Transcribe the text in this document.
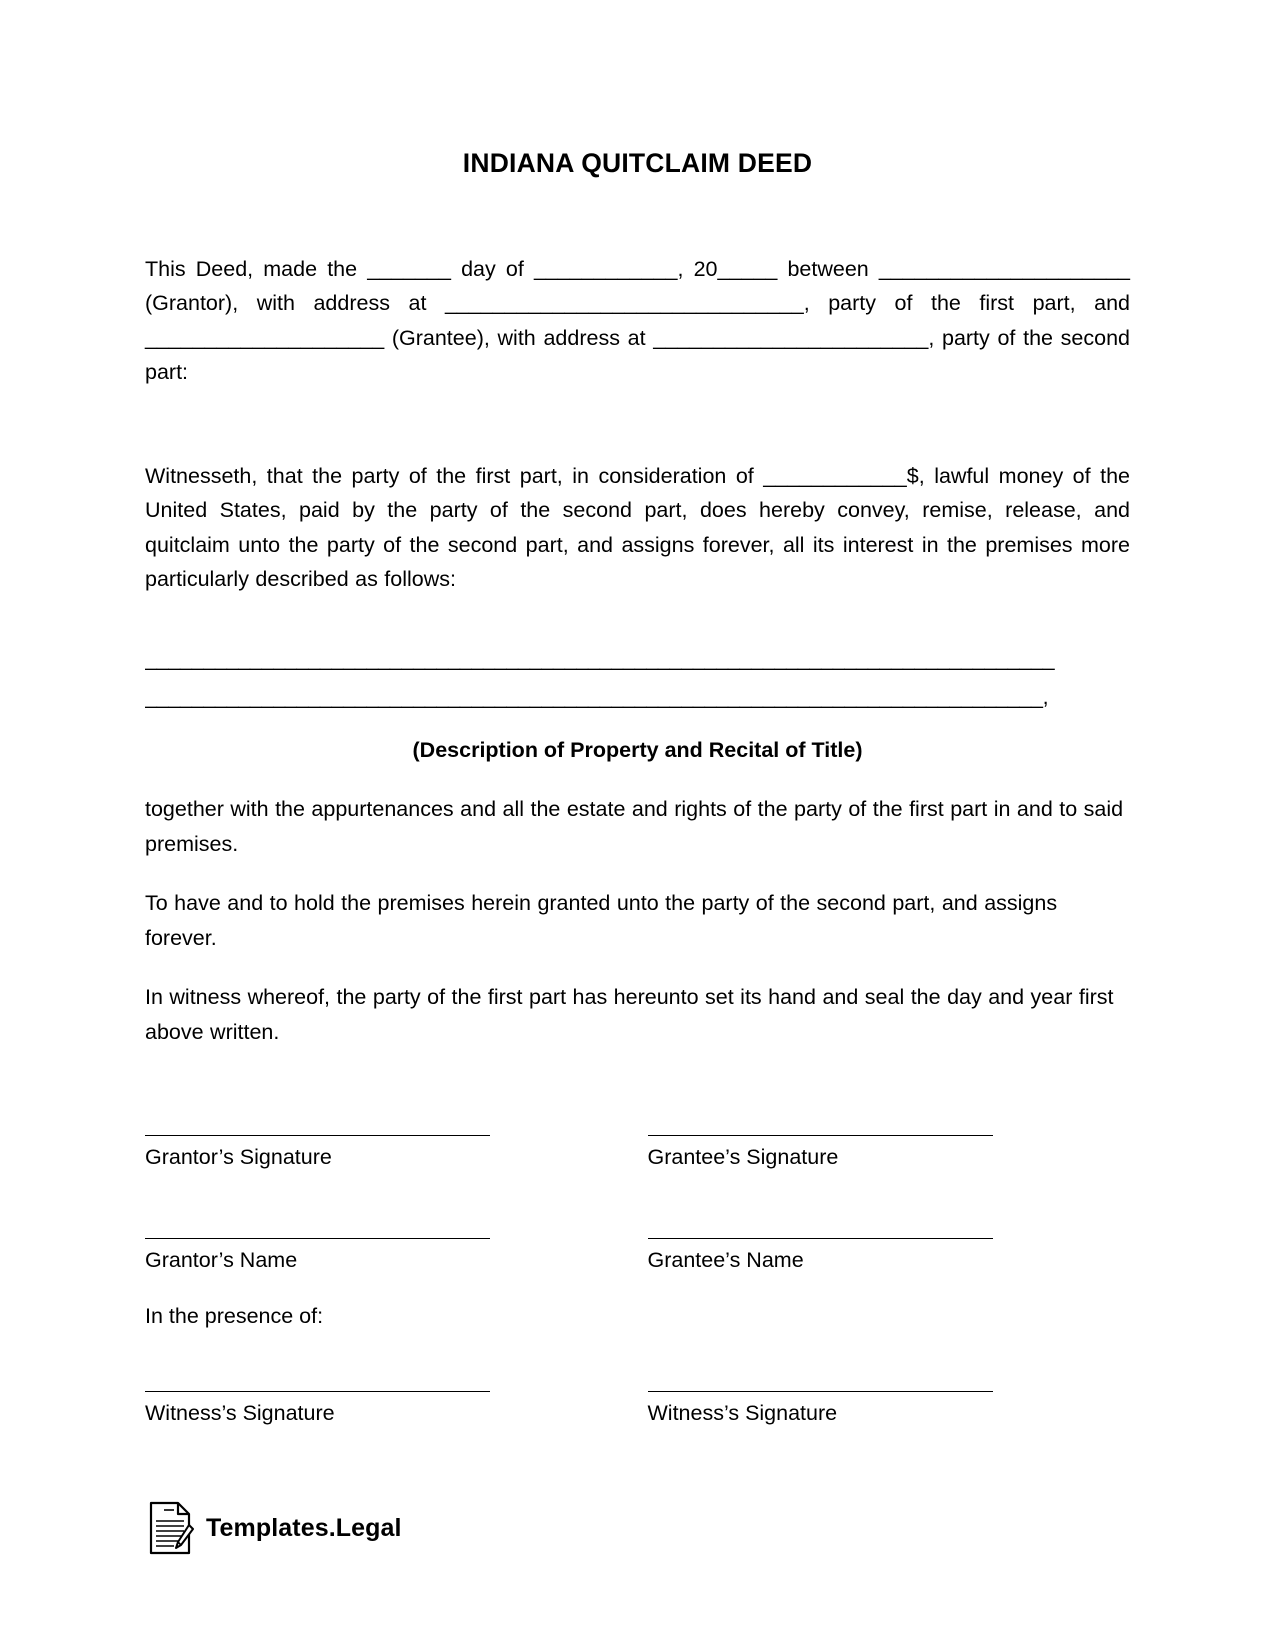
INDIANA QUITCLAIM DEED

This Deed, made the _______ day of ____________, 20_____ between _____________________ (Grantor), with address at ______________________________, party of the first part, and ____________________ (Grantee), with address at _______________________, party of the second part:

Witnesseth, that the party of the first part, in consideration of ____________$, lawful money of the United States, paid by the party of the second part, does hereby convey, remise, release, and quitclaim unto the party of the second part, and assigns forever, all its interest in the premises more particularly described as follows:

______________________________________________________________________________
_____________________________________________________________________________,
(Description of Property and Recital of Title)

together with the appurtenances and all the estate and rights of the party of the first part in and to said premises.

To have and to hold the premises herein granted unto the party of the second part, and assigns forever.

In witness whereof, the party of the first part has hereunto set its hand and seal the day and year first above written.

Grantor’s Signature	Grantee’s Signature
Grantor’s Name	Grantee’s Name
In the presence of:
Witness’s Signature	Witness’s Signature
Templates.Legal
